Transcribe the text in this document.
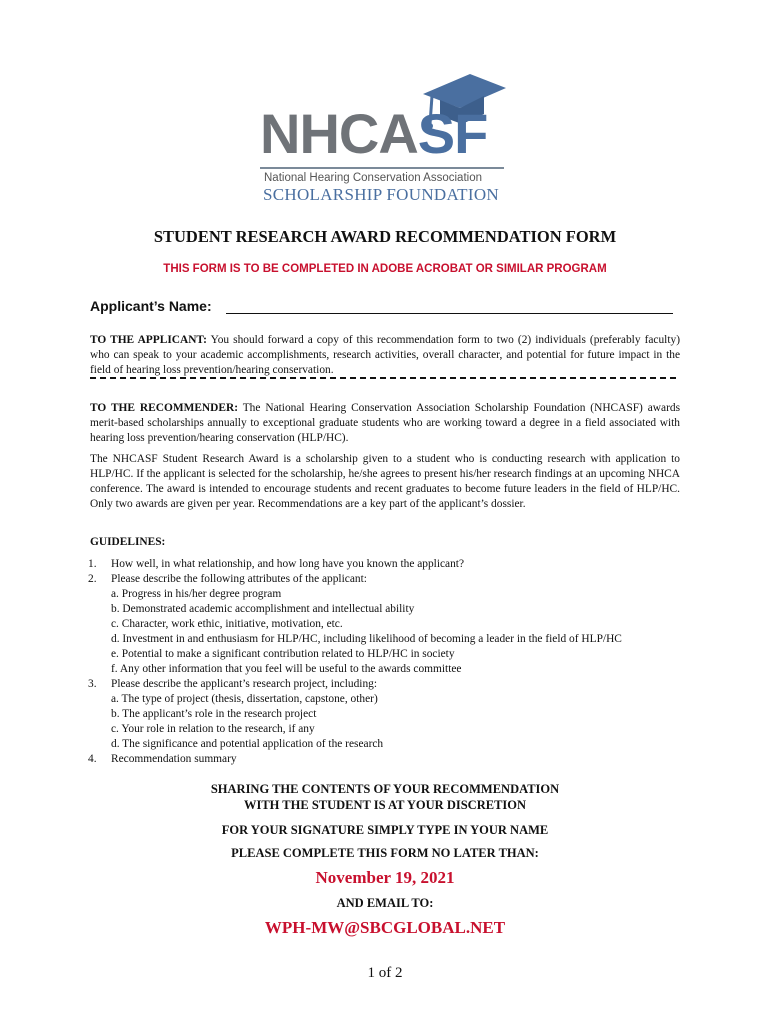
NHCASF
National Hearing Conservation Association
SCHOLARSHIP FOUNDATION
STUDENT RESEARCH AWARD RECOMMENDATION FORM
THIS FORM IS TO BE COMPLETED IN ADOBE ACROBAT OR SIMILAR PROGRAM
Applicant’s Name:
TO THE APPLICANT: You should forward a copy of this recommendation form to two (2) individuals (preferably faculty) who can speak to your academic accomplishments, research activities, overall character, and potential for future impact in the field of hearing loss prevention/hearing conservation.
TO THE RECOMMENDER: The National Hearing Conservation Association Scholarship Foundation (NHCASF) awards merit-based scholarships annually to exceptional graduate students who are working toward a degree in a field associated with hearing loss prevention/hearing conservation (HLP/HC).
The NHCASF Student Research Award is a scholarship given to a student who is conducting research with application to HLP/HC. If the applicant is selected for the scholarship, he/she agrees to present his/her research findings at an upcoming NHCA conference. The award is intended to encourage students and recent graduates to become future leaders in the field of HLP/HC. Only two awards are given per year. Recommendations are a key part of the applicant’s dossier.
GUIDELINES:
1.	How well, in what relationship, and how long have you known the applicant?
2.	Please describe the following attributes of the applicant:
a. Progress in his/her degree program
b. Demonstrated academic accomplishment and intellectual ability
c. Character, work ethic, initiative, motivation, etc.
d. Investment in and enthusiasm for HLP/HC, including likelihood of becoming a leader in the field of HLP/HC
e. Potential to make a significant contribution related to HLP/HC in society
f. Any other information that you feel will be useful to the awards committee
3.	Please describe the applicant’s research project, including:
a. The type of project (thesis, dissertation, capstone, other)
b. The applicant’s role in the research project
c. Your role in relation to the research, if any
d. The significance and potential application of the research
4.	Recommendation summary
SHARING THE CONTENTS OF YOUR RECOMMENDATION
WITH THE STUDENT IS AT YOUR DISCRETION
FOR YOUR SIGNATURE SIMPLY TYPE IN YOUR NAME
PLEASE COMPLETE THIS FORM NO LATER THAN:
November 19, 2021
AND EMAIL TO:
WPH-MW@SBCGLOBAL.NET
1 of 2
